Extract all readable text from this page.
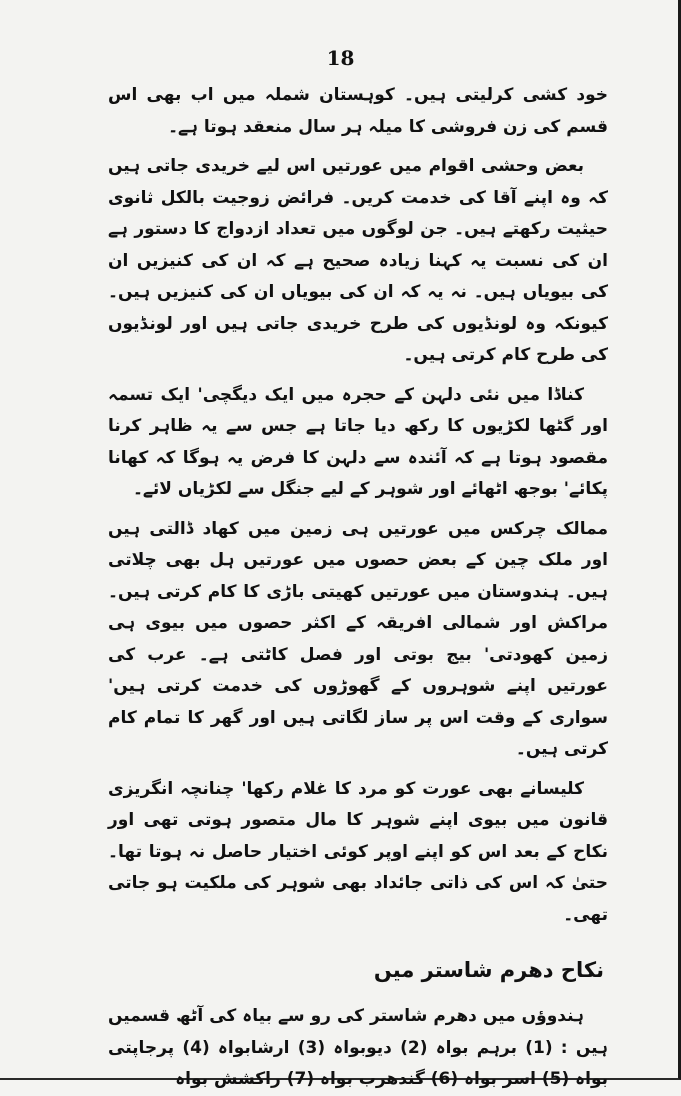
18

خود کشی کرلیتی ہیں۔ کوہستان شملہ میں اب بھی اس قسم کی زن فروشی کا میلہ ہر سال منعقد ہوتا ہے۔

بعض وحشی اقوام میں عورتیں اس لیے خریدی جاتی ہیں کہ وہ اپنے آقا کی خدمت کریں۔ فرائض زوجیت بالکل ثانوی حیثیت رکھتے ہیں۔ جن لوگوں میں تعداد ازدواج کا دستور ہے ان کی نسبت یہ کہنا زیادہ صحیح ہے کہ ان کی کنیزیں ان کی بیویاں ہیں۔ نہ یہ کہ ان کی بیویاں ان کی کنیزیں ہیں۔ کیونکہ وہ لونڈیوں کی طرح خریدی جاتی ہیں اور لونڈیوں کی طرح کام کرتی ہیں۔

کناڈا میں نئی دلہن کے حجرہ میں ایک دیگچی' ایک تسمہ اور گٹھا لکڑیوں کا رکھ دیا جاتا ہے جس سے یہ ظاہر کرنا مقصود ہوتا ہے کہ آئندہ سے دلہن کا فرض یہ ہوگا کہ کھانا پکائے' بوجھ اٹھائے اور شوہر کے لیے جنگل سے لکڑیاں لائے۔

ممالک چرکس میں عورتیں ہی زمین میں کھاد ڈالتی ہیں اور ملک چین کے بعض حصوں میں عورتیں ہل بھی چلاتی ہیں۔ ہندوستان میں عورتیں کھیتی باڑی کا کام کرتی ہیں۔ مراکش اور شمالی افریقہ کے اکثر حصوں میں بیوی ہی زمین کھودتی' بیج بوتی اور فصل کاٹتی ہے۔ عرب کی عورتیں اپنے شوہروں کے گھوڑوں کی خدمت کرتی ہیں' سواری کے وقت اس پر ساز لگاتی ہیں اور گھر کا تمام کام کرتی ہیں۔

کلیسانے بھی عورت کو مرد کا غلام رکھا' چنانچہ انگریزی قانون میں بیوی اپنے شوہر کا مال متصور ہوتی تھی اور نکاح کے بعد اس کو اپنے اوپر کوئی اختیار حاصل نہ ہوتا تھا۔ حتیٰ کہ اس کی ذاتی جائداد بھی شوہر کی ملکیت ہو جاتی تھی۔

نکاح دھرم شاستر میں

ہندوؤں میں دھرم شاستر کی رو سے بیاہ کی آٹھ قسمیں ہیں : (1) برہم بواہ (2) دیوبواہ (3) ارشابواہ (4) پرجاپتی بواہ (5) اسر بواہ (6) گندھرب بواہ (7) راکشش بواہ
